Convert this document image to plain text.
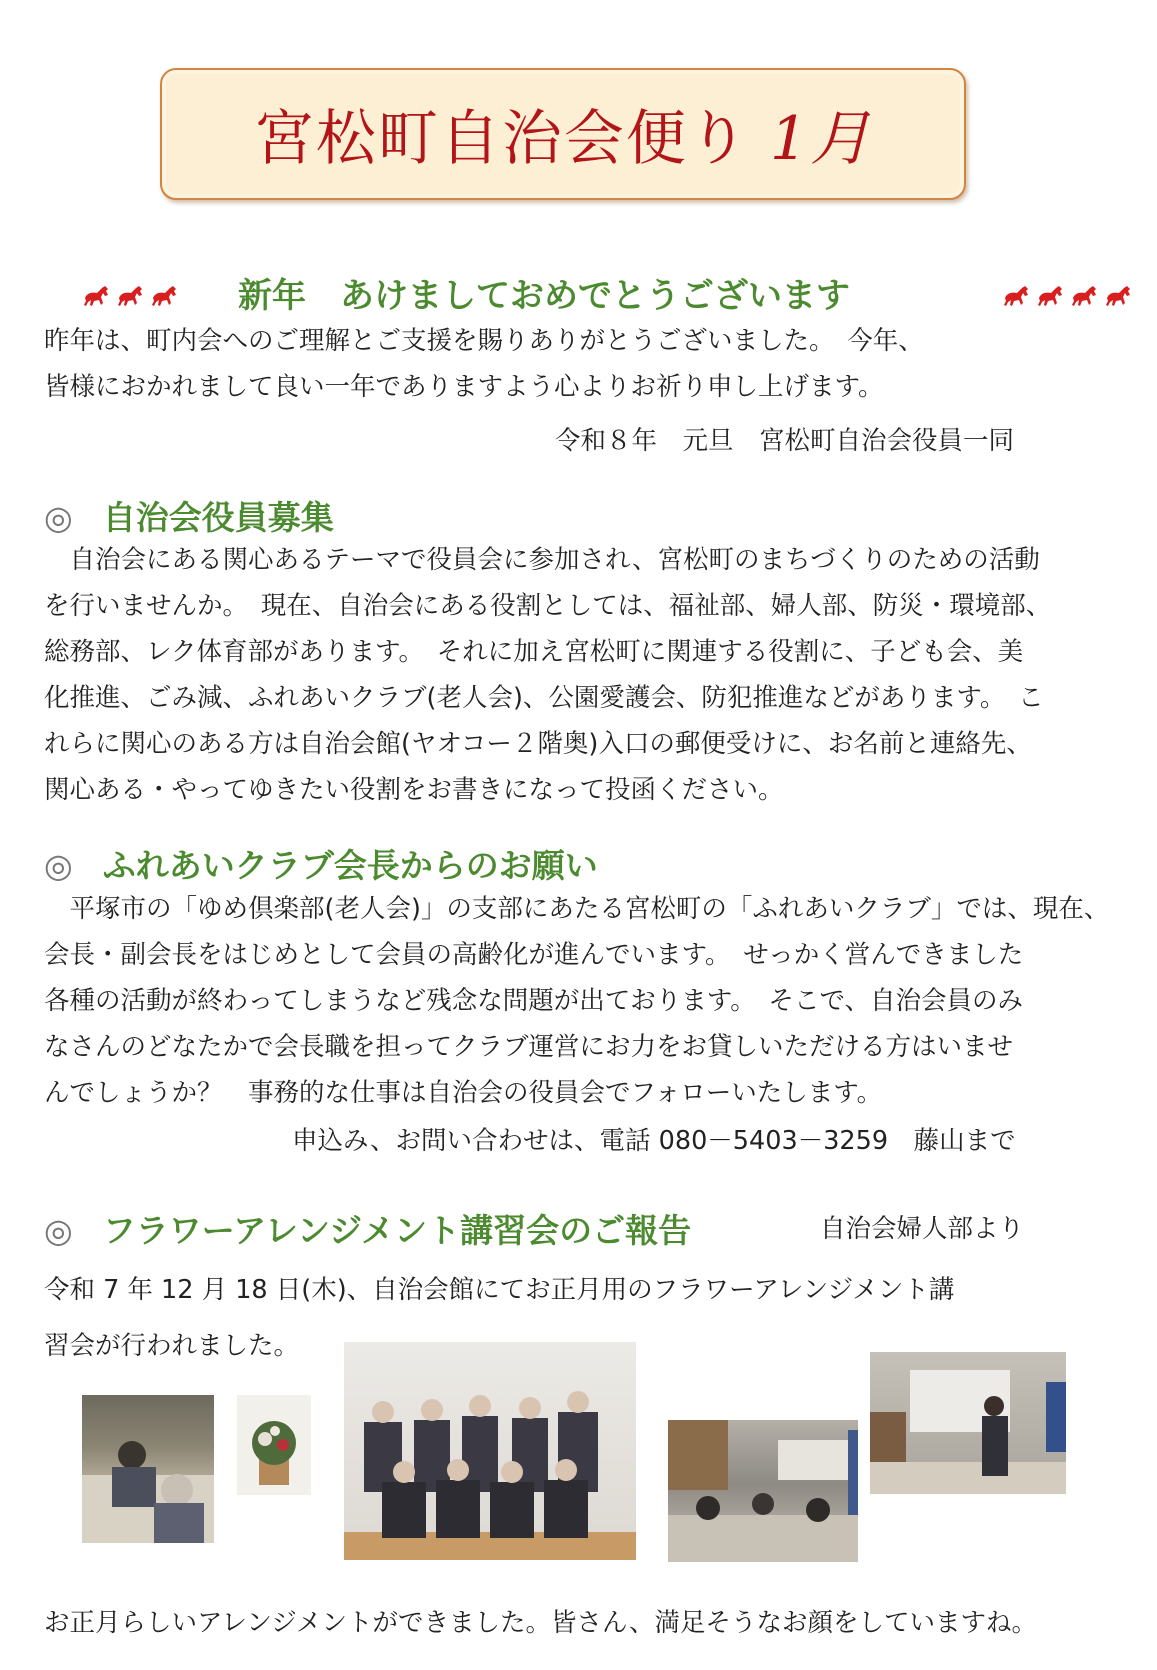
宮松町自治会便り 1月
新年　あけましておめでとうございます
昨年は、町内会へのご理解とご支援を賜りありがとうございました。　今年、
皆様におかれまして良い一年でありますよう心よりお祈り申し上げます。
令和８年　元旦　宮松町自治会役員一同
◎ 自治会役員募集
　自治会にある関心あるテーマで役員会に参加され、宮松町のまちづくりのための活動
を行いませんか。　現在、自治会にある役割としては、福祉部、婦人部、防災・環境部、
総務部、レク体育部があります。　それに加え宮松町に関連する役割に、子ども会、美
化推進、ごみ減、ふれあいクラブ(老人会)、公園愛護会、防犯推進などがあります。　こ
れらに関心のある方は自治会館(ヤオコー２階奥)入口の郵便受けに、お名前と連絡先、
関心ある・やってゆきたい役割をお書きになって投函ください。
◎ ふれあいクラブ会長からのお願い
　平塚市の「ゆめ倶楽部(老人会)」の支部にあたる宮松町の「ふれあいクラブ」では、現在、
会長・副会長をはじめとして会員の高齢化が進んでいます。　せっかく営んできました
各種の活動が終わってしまうなど残念な問題が出ております。　そこで、自治会員のみ
なさんのどなたかで会長職を担ってクラブ運営にお力をお貸しいただける方はいませ
んでしょうか？　事務的な仕事は自治会の役員会でフォローいたします。
申込み、お問い合わせは、電話 080－5403－3259　藤山まで
◎ フラワーアレンジメント講習会のご報告	自治会婦人部より
令和 7 年 12 月 18 日(木)、自治会館にてお正月用のフラワーアレンジメント講
習会が行われました。
お正月らしいアレンジメントができました。皆さん、満足そうなお顔をしていますね。
